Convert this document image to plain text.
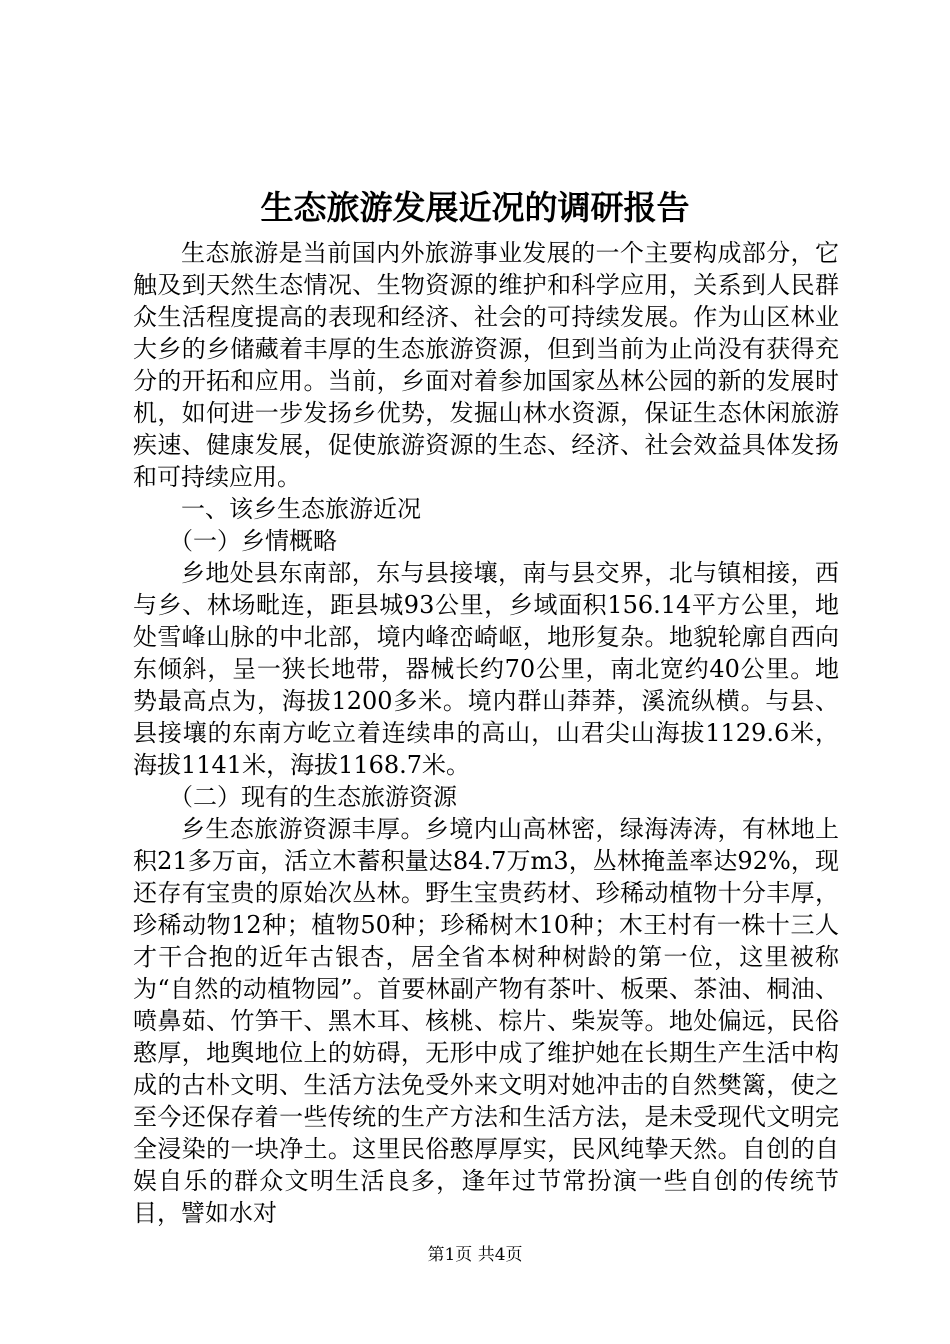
生态旅游发展近况的调研报告

生态旅游是当前国内外旅游事业发展的一个主要构成部分，它触及到天然生态情况、生物资源的维护和科学应用，关系到人民群众生活程度提高的表现和经济、社会的可持续发展。作为山区林业大乡的乡储藏着丰厚的生态旅游资源，但到当前为止尚没有获得充分的开拓和应用。当前，乡面对着参加国家丛林公园的新的发展时机，如何进一步发扬乡优势，发掘山林水资源，保证生态休闲旅游疾速、健康发展，促使旅游资源的生态、经济、社会效益具体发扬和可持续应用。

一、该乡生态旅游近况

（一）乡情概略

乡地处县东南部，东与县接壤，南与县交界，北与镇相接，西与乡、林场毗连，距县城93公里，乡域面积156.14平方公里，地处雪峰山脉的中北部，境内峰峦崎岖，地形复杂。地貌轮廓自西向东倾斜，呈一狭长地带，器械长约70公里，南北宽约40公里。地势最高点为，海拔1200多米。境内群山莽莽，溪流纵横。与县、县接壤的东南方屹立着连续串的高山，山君尖山海拔1129.6米，海拔1141米，海拔1168.7米。

（二）现有的生态旅游资源

乡生态旅游资源丰厚。乡境内山高林密，绿海涛涛，有林地上积21多万亩，活立木蓄积量达84.7万m3，丛林掩盖率达92%，现还存有宝贵的原始次丛林。野生宝贵药材、珍稀动植物十分丰厚，珍稀动物12种；植物50种；珍稀树木10种；木王村有一株十三人才干合抱的近年古银杏，居全省本树种树龄的第一位，这里被称为“自然的动植物园”。首要林副产物有茶叶、板栗、茶油、桐油、喷鼻茹、竹笋干、黑木耳、核桃、棕片、柴炭等。地处偏远，民俗憨厚，地舆地位上的妨碍，无形中成了维护她在长期生产生活中构成的古朴文明、生活方法免受外来文明对她冲击的自然樊篱，使之至今还保存着一些传统的生产方法和生活方法，是未受现代文明完全浸染的一块净土。这里民俗憨厚厚实，民风纯挚天然。自创的自娱自乐的群众文明生活良多，逢年过节常扮演一些自创的传统节目，譬如水对

第1页 共4页
